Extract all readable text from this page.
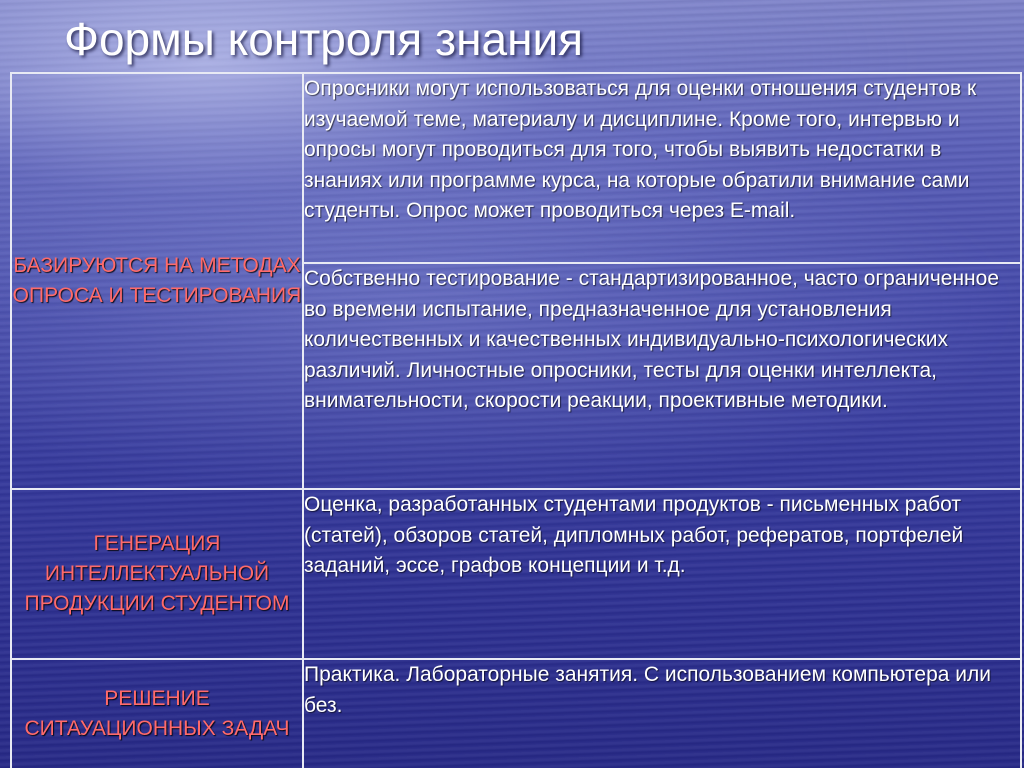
Формы контроля знания
БАЗИРУЮТСЯ НА МЕТОДАХ ОПРОСА И ТЕСТИРОВАНИЯ	Опросники могут использоваться для оценки отношения студентов к изучаемой теме, материалу и дисциплине. Кроме того, интервью и опросы могут проводиться для того, чтобы выявить недостатки в знаниях или программе курса, на которые обратили внимание сами студенты. Опрос может проводиться через E-mail.
	Собственно тестирование - стандартизированное, часто ограниченное во времени испытание, предназначенное для установления количественных и качественных индивидуально-психологических различий. Личностные опросники, тесты для оценки интеллекта, внимательности, скорости реакции, проективные методики.
ГЕНЕРАЦИЯ ИНТЕЛЛЕКТУАЛЬНОЙ ПРОДУКЦИИ СТУДЕНТОМ	Оценка, разработанных студентами продуктов - письменных работ (статей), обзоров статей, дипломных работ, рефератов, портфелей заданий, эссе, графов концепции и т.д.
РЕШЕНИЕ СИТАУАЦИОННЫХ ЗАДАЧ	Практика. Лабораторные занятия. С использованием компьютера или без.
